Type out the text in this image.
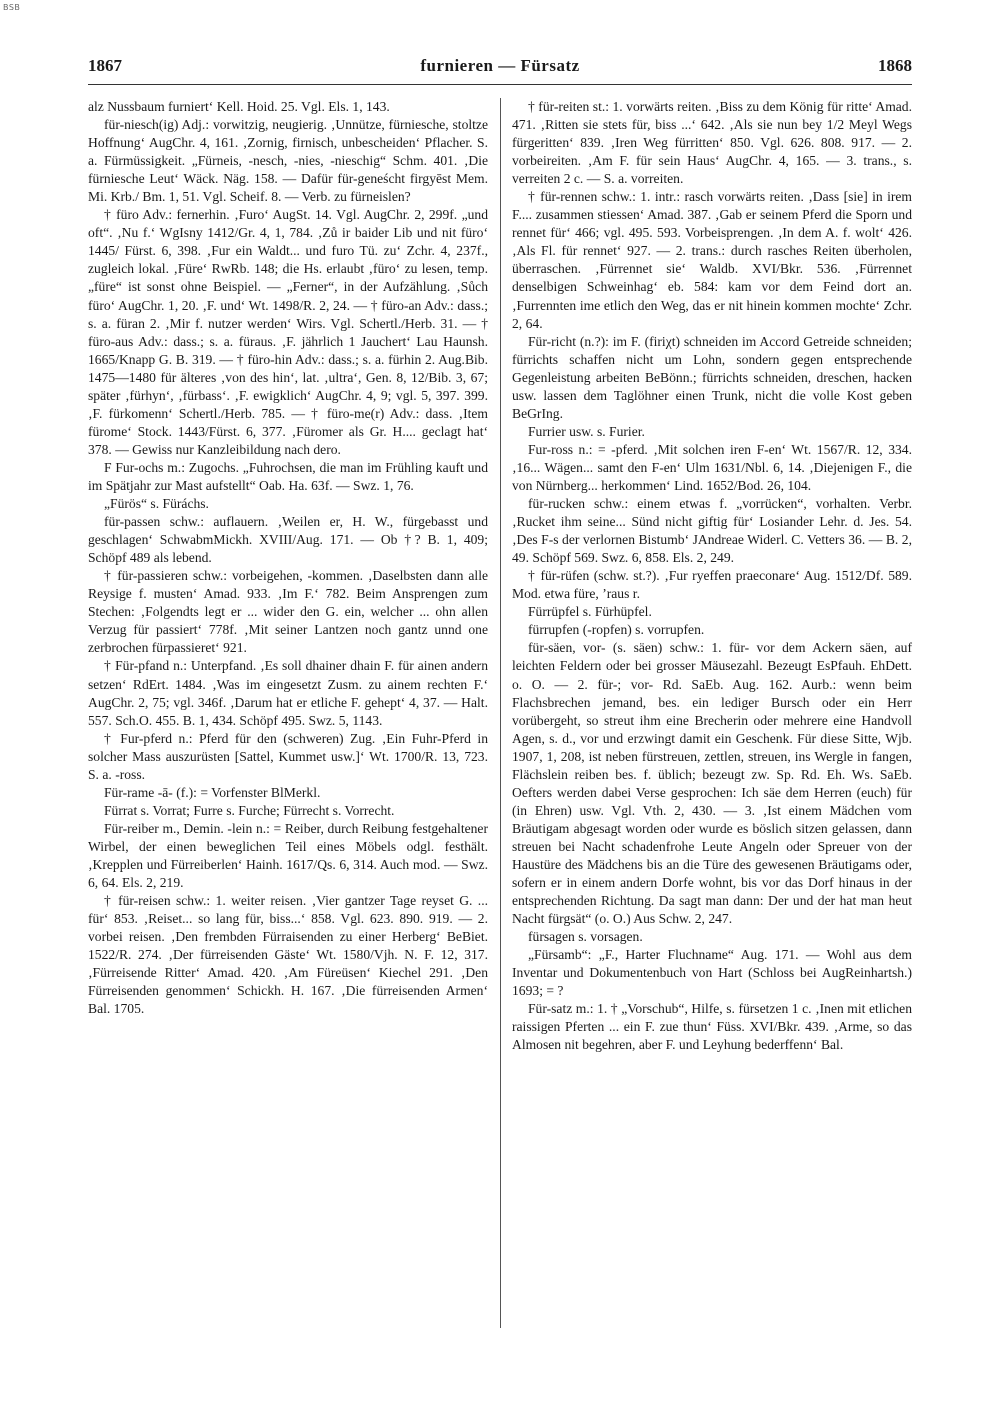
BSB
1867	furnieren — Fürsatz	1868

alz Nussbaum furniert‘ Kell. Hoid. 25. Vgl. Els. 1, 143.

für-niesch(ig) Adj.: vorwitzig, neugierig. ‚Unnütze, fürniesche, stoltze Hoffnung‘ AugChr. 4, 161. ‚Zornig, firnisch, unbescheiden‘ Pflacher. S. a. Fürmüssigkeit. „Fürneis, -nesch, -nies, -nieschig“ Schm. 401. ‚Die fürniesche Leut‘ Wäck. Näg. 158. — Dafür für-geneścht firgyēst Mem. Mi. Krb./ Bm. 1, 51. Vgl. Scheif. 8. — Verb. zu fürneislen?

† füro Adv.: fernerhin. ‚Furo‘ AugSt. 14. Vgl. AugChr. 2, 299f. „und oft“. ‚Nu f.‘ WgIsny 1412/Gr. 4, 1, 784. ‚Zů ir baider Lib und nit füro‘ 1445/ Fürst. 6, 398. ‚Fur ein Waldt... und furo Tü. zu‘ Zchr. 4, 237f., zugleich lokal. ‚Füre‘ RwRb. 148; die Hs. erlaubt ‚füro‘ zu lesen, temp. „füre“ ist sonst ohne Beispiel. — „Ferner“, in der Aufzählung. ‚Sůch füro‘ AugChr. 1, 20. ‚F. und‘ Wt. 1498/R. 2, 24. — † füro-an Adv.: dass.; s. a. füran 2. ‚Mir f. nutzer werden‘ Wirs. Vgl. Schertl./Herb. 31. — † füro-aus Adv.: dass.; s. a. füraus. ‚F. jährlich 1 Jauchert‘ Lau Haunsh. 1665/Knapp G. B. 319. — † füro-hin Adv.: dass.; s. a. fürhin 2. Aug.Bib. 1475—1480 für älteres ‚von des hin‘, lat. ‚ultra‘, Gen. 8, 12/Bib. 3, 67; später ‚fürhyn‘, ‚fürbass‘. ‚F. ewigklich‘ AugChr. 4, 9; vgl. 5, 397. 399. ‚F. fürkomenn‘ Schertl./Herb. 785. — † füro-me(r) Adv.: dass. ‚Item fürome‘ Stock. 1443/Fürst. 6, 377. ‚Füromer als Gr. H.... geclagt hat‘ 378. — Gewiss nur Kanzleibildung nach dero.

F Fur-ochs m.: Zugochs. „Fuhrochsen, die man im Frühling kauft und im Spätjahr zur Mast aufstellt“ Oab. Ha. 63f. — Swz. 1, 76.

„Fürös“ s. Füráchs.

für-passen schw.: auflauern. ‚Weilen er, H. W., fürgebasst und geschlagen‘ SchwabmMickh. XVIII/Aug. 171. — Ob †? B. 1, 409; Schöpf 489 als lebend.

† für-passieren schw.: vorbeigehen, -kommen. ‚Daselbsten dann alle Reysige f. musten‘ Amad. 933. ‚Im F.‘ 782. Beim Ansprengen zum Stechen: ‚Folgendts legt er ... wider den G. ein, welcher ... ohn allen Verzug für passiert‘ 778f. ‚Mit seiner Lantzen noch gantz unnd one zerbrochen fürpassieret‘ 921.

† Für-pfand n.: Unterpfand. ‚Es soll dhainer dhain F. für ainen andern setzen‘ RdErt. 1484. ‚Was im eingesetzt Zusm. zu ainem rechten F.‘ AugChr. 2, 75; vgl. 346f. ‚Darum hat er etliche F. gehept‘ 4, 37. — Halt. 557. Sch.O. 455. B. 1, 434. Schöpf 495. Swz. 5, 1143.

† Fur-pferd n.: Pferd für den (schweren) Zug. ‚Ein Fuhr-Pferd in solcher Mass auszurüsten [Sattel, Kummet usw.]‘ Wt. 1700/R. 13, 723. S. a. -ross.

Für-rame -ā- (f.): = Vorfenster BlMerkl.

Fürrat s. Vorrat; Furre s. Furche; Fürrecht s. Vorrecht.

Für-reiber m., Demin. -lein n.: = Reiber, durch Reibung festgehaltener Wirbel, der einen beweglichen Teil eines Möbels odgl. festhält. ‚Krepplen und Fürreiberlen‘ Hainh. 1617/Qs. 6, 314. Auch mod. — Swz. 6, 64. Els. 2, 219.

† für-reisen schw.: 1. weiter reisen. ‚Vier gantzer Tage reyset G. ... für‘ 853. ‚Reiset... so lang für, biss...‘ 858. Vgl. 623. 890. 919. — 2. vorbei reisen. ‚Den frembden Fürraisenden zu einer Herberg‘ BeBiet. 1522/R. 274. ‚Der fürreisenden Gäste‘ Wt. 1580/Vjh. N. F. 12, 317. ‚Fürreisende Ritter‘ Amad. 420. ‚Am Füreüsen‘ Kiechel 291. ‚Den Fürreisenden genommen‘ Schickh. H. 167. ‚Die fürreisenden Armen‘ Bal. 1705.

† für-reiten st.: 1. vorwärts reiten. ‚Biss zu dem König für ritte‘ Amad. 471. ‚Ritten sie stets für, biss ...‘ 642. ‚Als sie nun bey 1/2 Meyl Wegs fürgeritten‘ 839. ‚Iren Weg fürritten‘ 850. Vgl. 626. 808. 917. — 2. vorbeireiten. ‚Am F. für sein Haus‘ AugChr. 4, 165. — 3. trans., s. verreiten 2 c. — S. a. vorreiten.

† für-rennen schw.: 1. intr.: rasch vorwärts reiten. ‚Dass [sie] in irem F.... zusammen stiessen‘ Amad. 387. ‚Gab er seinem Pferd die Sporn und rennet für‘ 466; vgl. 495. 593. Vorbeisprengen. ‚In dem A. f. wolt‘ 426. ‚Als Fl. für rennet‘ 927. — 2. trans.: durch rasches Reiten überholen, überraschen. ‚Fürrennet sie‘ Waldb. XVI/Bkr. 536. ‚Fürrennet denselbigen Schweinhag‘ eb. 584: kam vor dem Feind dort an. ‚Furrennten ime etlich den Weg, das er nit hinein kommen mochte‘ Zchr. 2, 64.

Für-richt (n.?): im F. (firiχt) schneiden im Accord Getreide schneiden; fürrichts schaffen nicht um Lohn, sondern gegen entsprechende Gegenleistung arbeiten BeBönn.; fürrichts schneiden, dreschen, hacken usw. lassen dem Taglöhner einen Trunk, nicht die volle Kost geben BeGrIng.

Furrier usw. s. Furier.

Fur-ross n.: = -pferd. ‚Mit solchen iren F-en‘ Wt. 1567/R. 12, 334. ‚16... Wägen... samt den F-en‘ Ulm 1631/Nbl. 6, 14. ‚Diejenigen F., die von Nürnberg... herkommen‘ Lind. 1652/Bod. 26, 104.

für-rucken schw.: einem etwas f. „vorrücken“, vorhalten. Verbr. ‚Rucket ihm seine... Sünd nicht giftig für‘ Losiander Lehr. d. Jes. 54. ‚Des F-s der verlornen Bistumb‘ JAndreae Widerl. C. Vetters 36. — B. 2, 49. Schöpf 569. Swz. 6, 858. Els. 2, 249.

† für-rüfen (schw. st.?). ‚Fur ryeffen praeconare‘ Aug. 1512/Df. 589. Mod. etwa füre, ’raus r.

Fürrüpfel s. Fürhüpfel.

fürrupfen (-ropfen) s. vorrupfen.

für-säen, vor- (s. säen) schw.: 1. für- vor dem Ackern säen, auf leichten Feldern oder bei grosser Mäusezahl. Bezeugt EsPfauh. EhDett. o. O. — 2. für-; vor- Rd. SaEb. Aug. 162. Aurb.: wenn beim Flachsbrechen jemand, bes. ein lediger Bursch oder ein Herr vorübergeht, so streut ihm eine Brecherin oder mehrere eine Handvoll Agen, s. d., vor und erzwingt damit ein Geschenk. Für diese Sitte, Wjb. 1907, 1, 208, ist neben fürstreuen, zettlen, streuen, ins Wergle in fangen, Flächslein reiben bes. f. üblich; bezeugt zw. Sp. Rd. Eh. Ws. SaEb. Oefters werden dabei Verse gesprochen: Ich säe dem Herren (euch) für (in Ehren) usw. Vgl. Vth. 2, 430. — 3. ‚Ist einem Mädchen vom Bräutigam abgesagt worden oder wurde es böslich sitzen gelassen, dann streuen bei Nacht schadenfrohe Leute Angeln oder Spreuer von der Haustüre des Mädchens bis an die Türe des gewesenen Bräutigams oder, sofern er in einem andern Dorfe wohnt, bis vor das Dorf hinaus in der entsprechenden Richtung. Da sagt man dann: Der und der hat man heut Nacht fürgsät“ (o. O.) Aus Schw. 2, 247.

fürsagen s. vorsagen.

„Fürsamb“: „F., Harter Fluchname“ Aug. 171. — Wohl aus dem Inventar und Dokumentenbuch von Hart (Schloss bei AugReinhartsh.) 1693; = ?

Für-satz m.: 1. † „Vorschub“, Hilfe, s. fürsetzen 1 c. ‚Inen mit etlichen raissigen Pferten ... ein F. zue thun‘ Füss. XVI/Bkr. 439. ‚Arme, so das Almosen nit begehren, aber F. und Leyhung bederffenn‘ Bal.
